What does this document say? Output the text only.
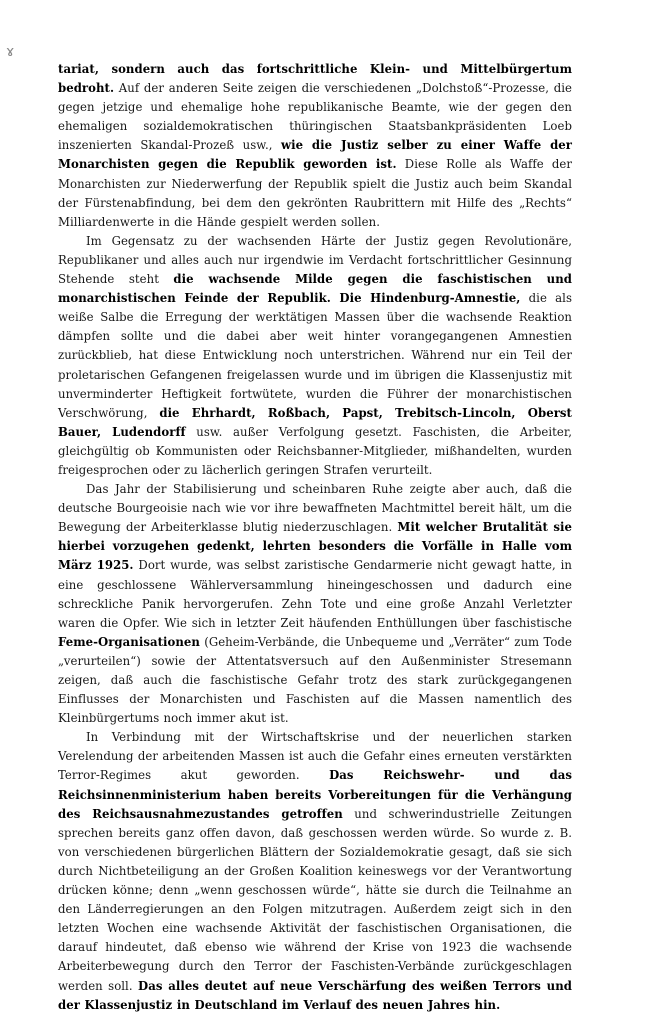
ɤ

tariat, sondern auch das fortschrittliche Klein- und Mittelbürgertum bedroht. Auf der anderen Seite zeigen die verschiedenen „Dolchstoß“-Prozesse, die gegen jetzige und ehemalige hohe republikanische Beamte, wie der gegen den ehemaligen sozialdemokratischen thüringischen Staatsbankpräsidenten Loeb inszenierten Skandal-Prozeß usw., wie die Justiz selber zu einer Waffe der Monarchisten gegen die Republik geworden ist. Diese Rolle als Waffe der Monarchisten zur Niederwerfung der Republik spielt die Justiz auch beim Skandal der Fürstenabfindung, bei dem den gekrönten Raubrittern mit Hilfe des „Rechts“ Milliardenwerte in die Hände gespielt werden sollen.

Im Gegensatz zu der wachsenden Härte der Justiz gegen Revolutionäre, Republikaner und alles auch nur irgendwie im Verdacht fortschrittlicher Gesinnung Stehende steht die wachsende Milde gegen die faschistischen und monarchistischen Feinde der Republik. Die Hindenburg-Amnestie, die als weiße Salbe die Erregung der werktätigen Massen über die wachsende Reaktion dämpfen sollte und die dabei aber weit hinter vorangegangenen Amnestien zurückblieb, hat diese Entwicklung noch unterstrichen. Während nur ein Teil der proletarischen Gefangenen freigelassen wurde und im übrigen die Klassenjustiz mit unverminderter Heftigkeit fortwütete, wurden die Führer der monarchistischen Verschwörung, die Ehrhardt, Roßbach, Papst, Trebitsch-Lincoln, Oberst Bauer, Ludendorff usw. außer Verfolgung gesetzt. Faschisten, die Arbeiter, gleichgültig ob Kommunisten oder Reichsbanner-Mitglieder, mißhandelten, wurden freigesprochen oder zu lächerlich geringen Strafen verurteilt.

Das Jahr der Stabilisierung und scheinbaren Ruhe zeigte aber auch, daß die deutsche Bourgeoisie nach wie vor ihre bewaffneten Machtmittel bereit hält, um die Bewegung der Arbeiterklasse blutig niederzuschlagen. Mit welcher Brutalität sie hierbei vorzugehen gedenkt, lehrten besonders die Vorfälle in Halle vom März 1925. Dort wurde, was selbst zaristische Gendarmerie nicht gewagt hatte, in eine geschlossene Wählerversammlung hineingeschossen und dadurch eine schreckliche Panik hervorgerufen. Zehn Tote und eine große Anzahl Verletzter waren die Opfer. Wie sich in letzter Zeit häufenden Enthüllungen über faschistische Feme-Organisationen (Geheim-Verbände, die Unbequeme und „Verräter“ zum Tode „verurteilen“) sowie der Attentatsversuch auf den Außenminister Stresemann zeigen, daß auch die faschistische Gefahr trotz des stark zurückgegangenen Einflusses der Monarchisten und Faschisten auf die Massen namentlich des Kleinbürgertums noch immer akut ist.

In Verbindung mit der Wirtschaftskrise und der neuerlichen starken Verelendung der arbeitenden Massen ist auch die Gefahr eines erneuten verstärkten Terror-Regimes akut geworden. Das Reichswehr- und das Reichsinnenministerium haben bereits Vorbereitungen für die Verhängung des Reichsausnahmezustandes getroffen und schwerindustrielle Zeitungen sprechen bereits ganz offen davon, daß geschossen werden würde. So wurde z. B. von verschiedenen bürgerlichen Blättern der Sozialdemokratie gesagt, daß sie sich durch Nichtbeteiligung an der Großen Koalition keineswegs vor der Verantwortung drücken könne; denn „wenn geschossen würde“, hätte sie durch die Teilnahme an den Länderregierungen an den Folgen mitzutragen. Außerdem zeigt sich in den letzten Wochen eine wachsende Aktivität der faschistischen Organisationen, die darauf hindeutet, daß ebenso wie während der Krise von 1923 die wachsende Arbeiterbewegung durch den Terror der Faschisten-Verbände zurückgeschlagen werden soll. Das alles deutet auf neue Verschärfung des weißen Terrors und der Klassenjustiz in Deutschland im Verlauf des neuen Jahres hin.
